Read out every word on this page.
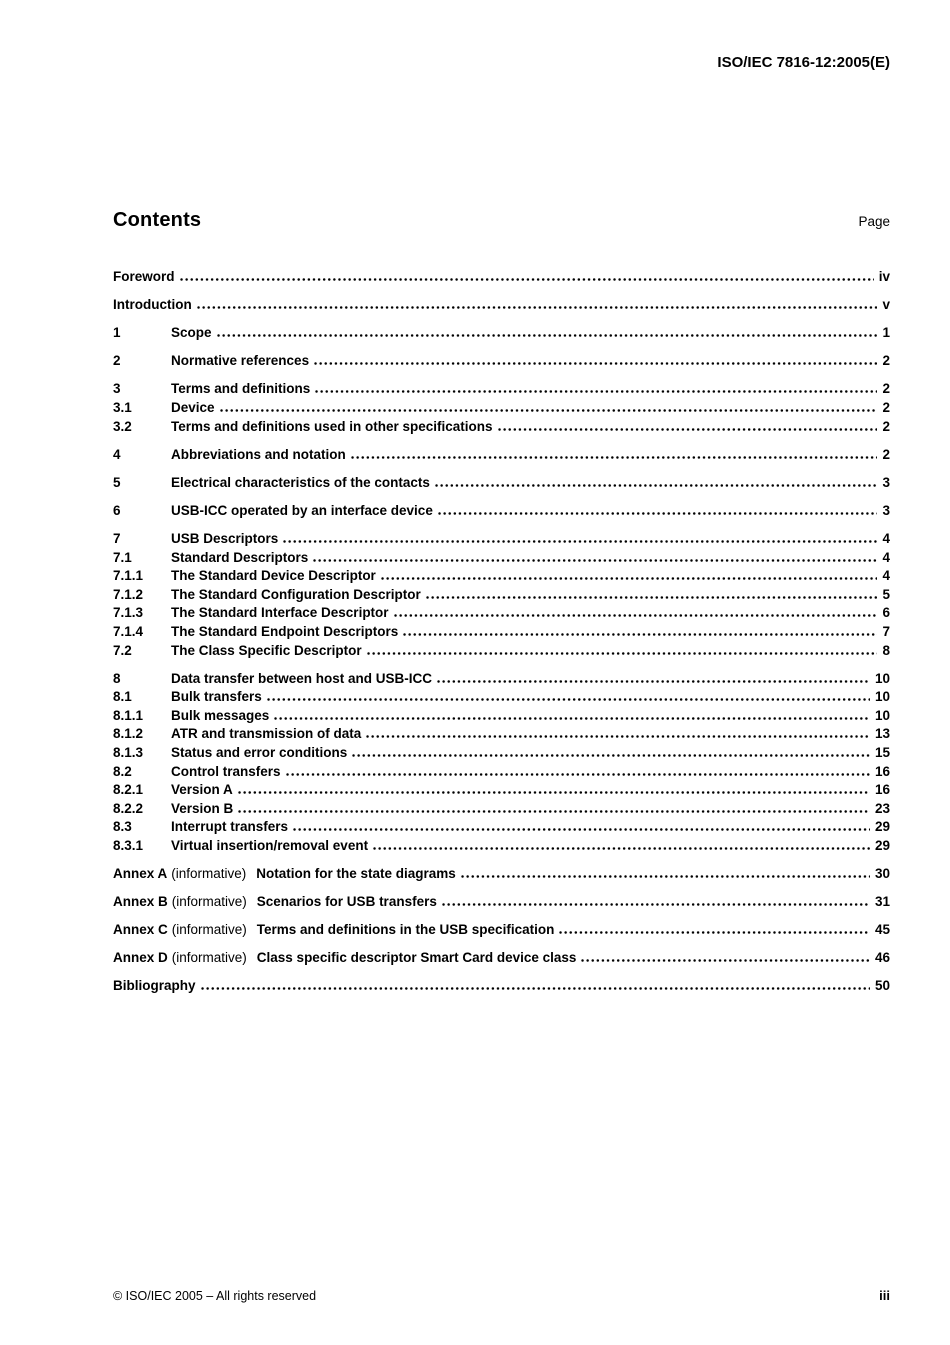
ISO/IEC 7816-12:2005(E)
Contents	Page
Foreword	iv
Introduction	v
1	Scope	1
2	Normative references	2
3	Terms and definitions	2
3.1	Device	2
3.2	Terms and definitions used in other specifications	2
4	Abbreviations and notation	2
5	Electrical characteristics of the contacts	3
6	USB-ICC operated by an interface device	3
7	USB Descriptors	4
7.1	Standard Descriptors	4
7.1.1	The Standard Device Descriptor	4
7.1.2	The Standard Configuration Descriptor	5
7.1.3	The Standard Interface Descriptor	6
7.1.4	The Standard Endpoint Descriptors	7
7.2	The Class Specific Descriptor	8
8	Data transfer between host and USB-ICC	10
8.1	Bulk transfers	10
8.1.1	Bulk messages	10
8.1.2	ATR and transmission of data	13
8.1.3	Status and error conditions	15
8.2	Control transfers	16
8.2.1	Version A	16
8.2.2	Version B	23
8.3	Interrupt transfers	29
8.3.1	Virtual insertion/removal event	29
Annex A (informative) Notation for the state diagrams	30
Annex B (informative) Scenarios for USB transfers	31
Annex C (informative) Terms and definitions in the USB specification	45
Annex D (informative) Class specific descriptor Smart Card device class	46
Bibliography	50
© ISO/IEC 2005 – All rights reserved	iii
